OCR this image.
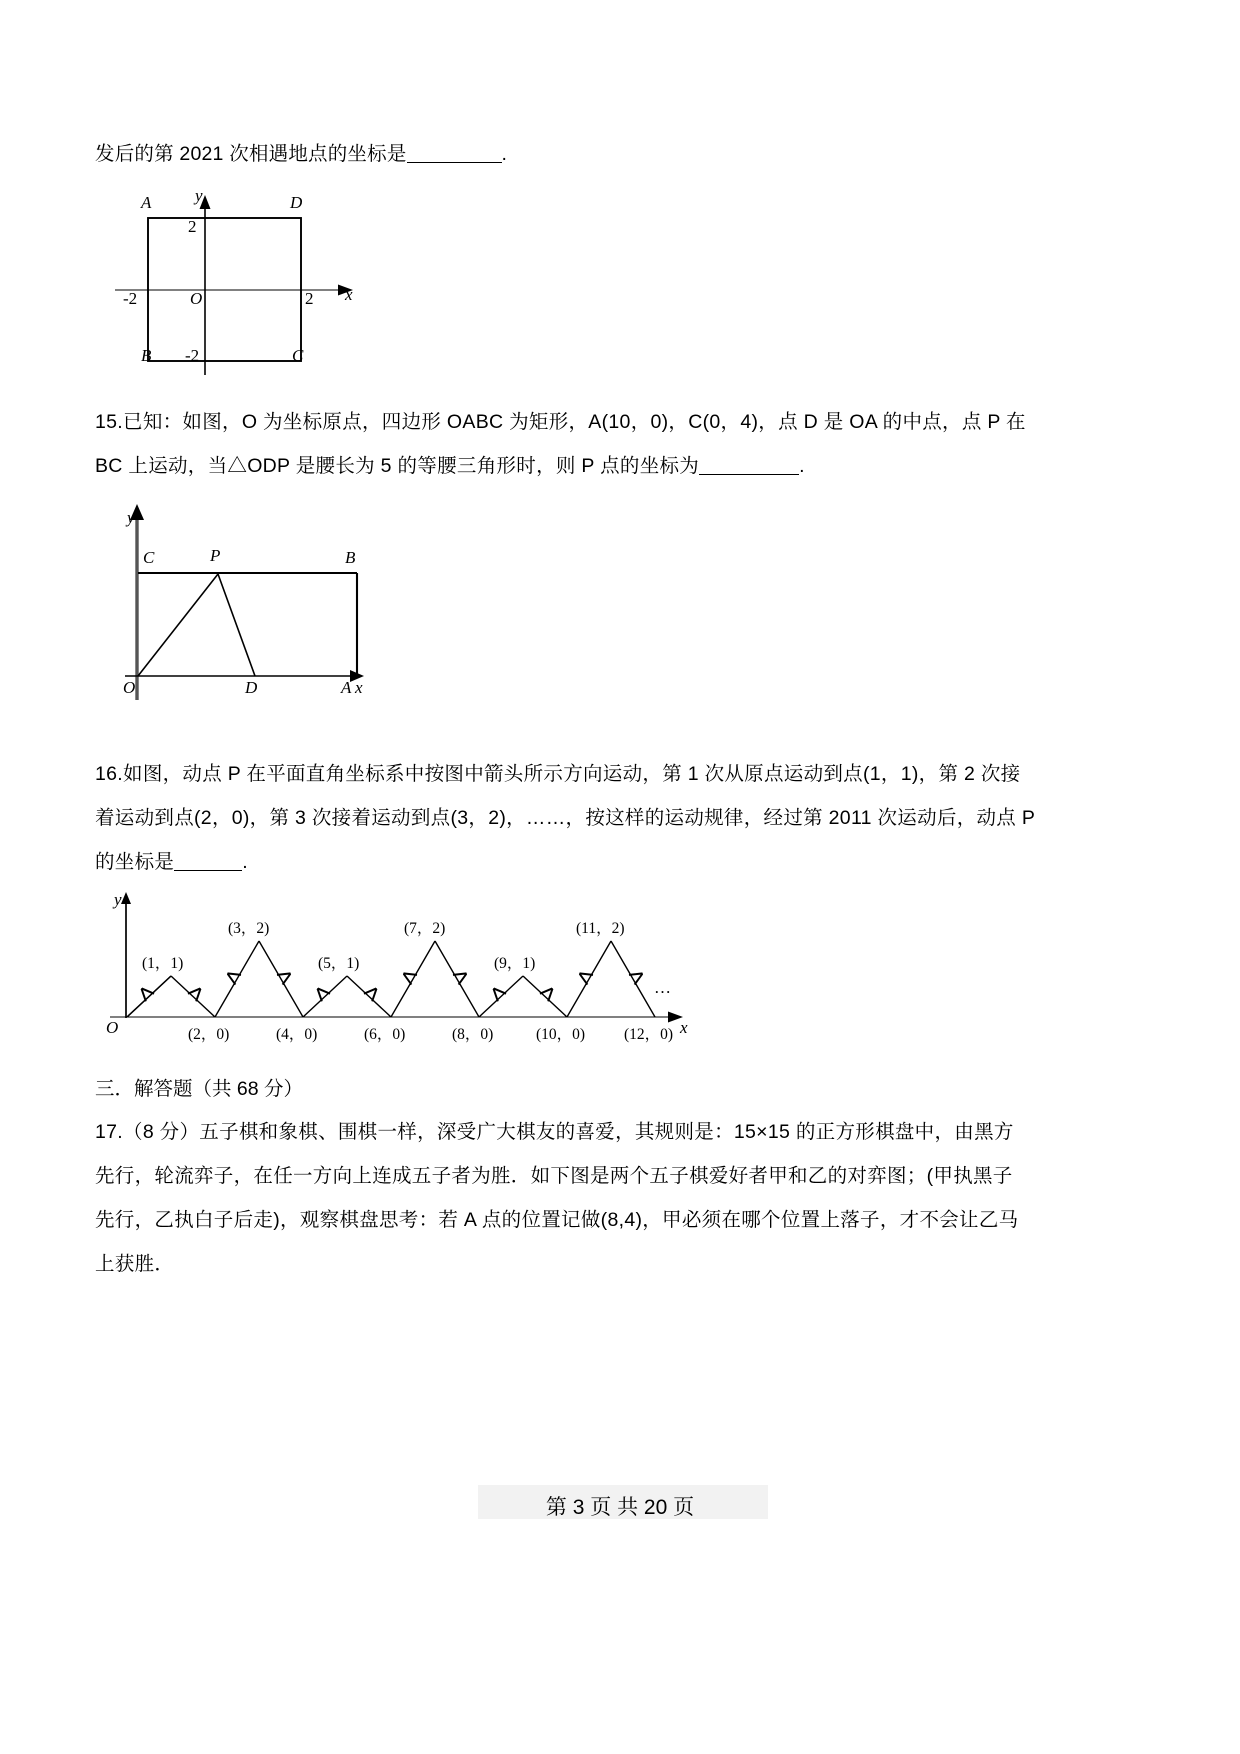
发后的第 2021 次相遇地点的坐标是	.
A	D
B	C
y
x
O
2
-2	2
-2
15.已知：如图，O 为坐标原点，四边形 OABC 为矩形，A(10，0)，C(0，4)，点 D 是 OA 的中点，点 P 在
BC 上运动，当△ODP 是腰长为 5 的等腰三角形时，则 P 点的坐标为	.
y
x
C	P	B
O	D	A
16.如图，动点 P 在平面直角坐标系中按图中箭头所示方向运动，第 1 次从原点运动到点(1，1)，第 2 次接
着运动到点(2，0)，第 3 次接着运动到点(3，2)，……，按这样的运动规律，经过第 2011 次运动后，动点 P
的坐标是	.
y
x
O
(1，1)
(3，2)
(5，1)
(7，2)
(9，1)
(11，2)
(2，0)	(4，0)	(6，0)	(8，0)	(10，0)	(12，0)
…
三．解答题（共 68 分）
17.（8 分）五子棋和象棋、围棋一样，深受广大棋友的喜爱，其规则是：15×15 的正方形棋盘中，由黑方
先行，轮流弈子，在任一方向上连成五子者为胜．如下图是两个五子棋爱好者甲和乙的对弈图；(甲执黑子
先行，乙执白子后走)，观察棋盘思考：若 A 点的位置记做(8,4)，甲必须在哪个位置上落子，才不会让乙马
上获胜．
第 3 页 共 20 页
